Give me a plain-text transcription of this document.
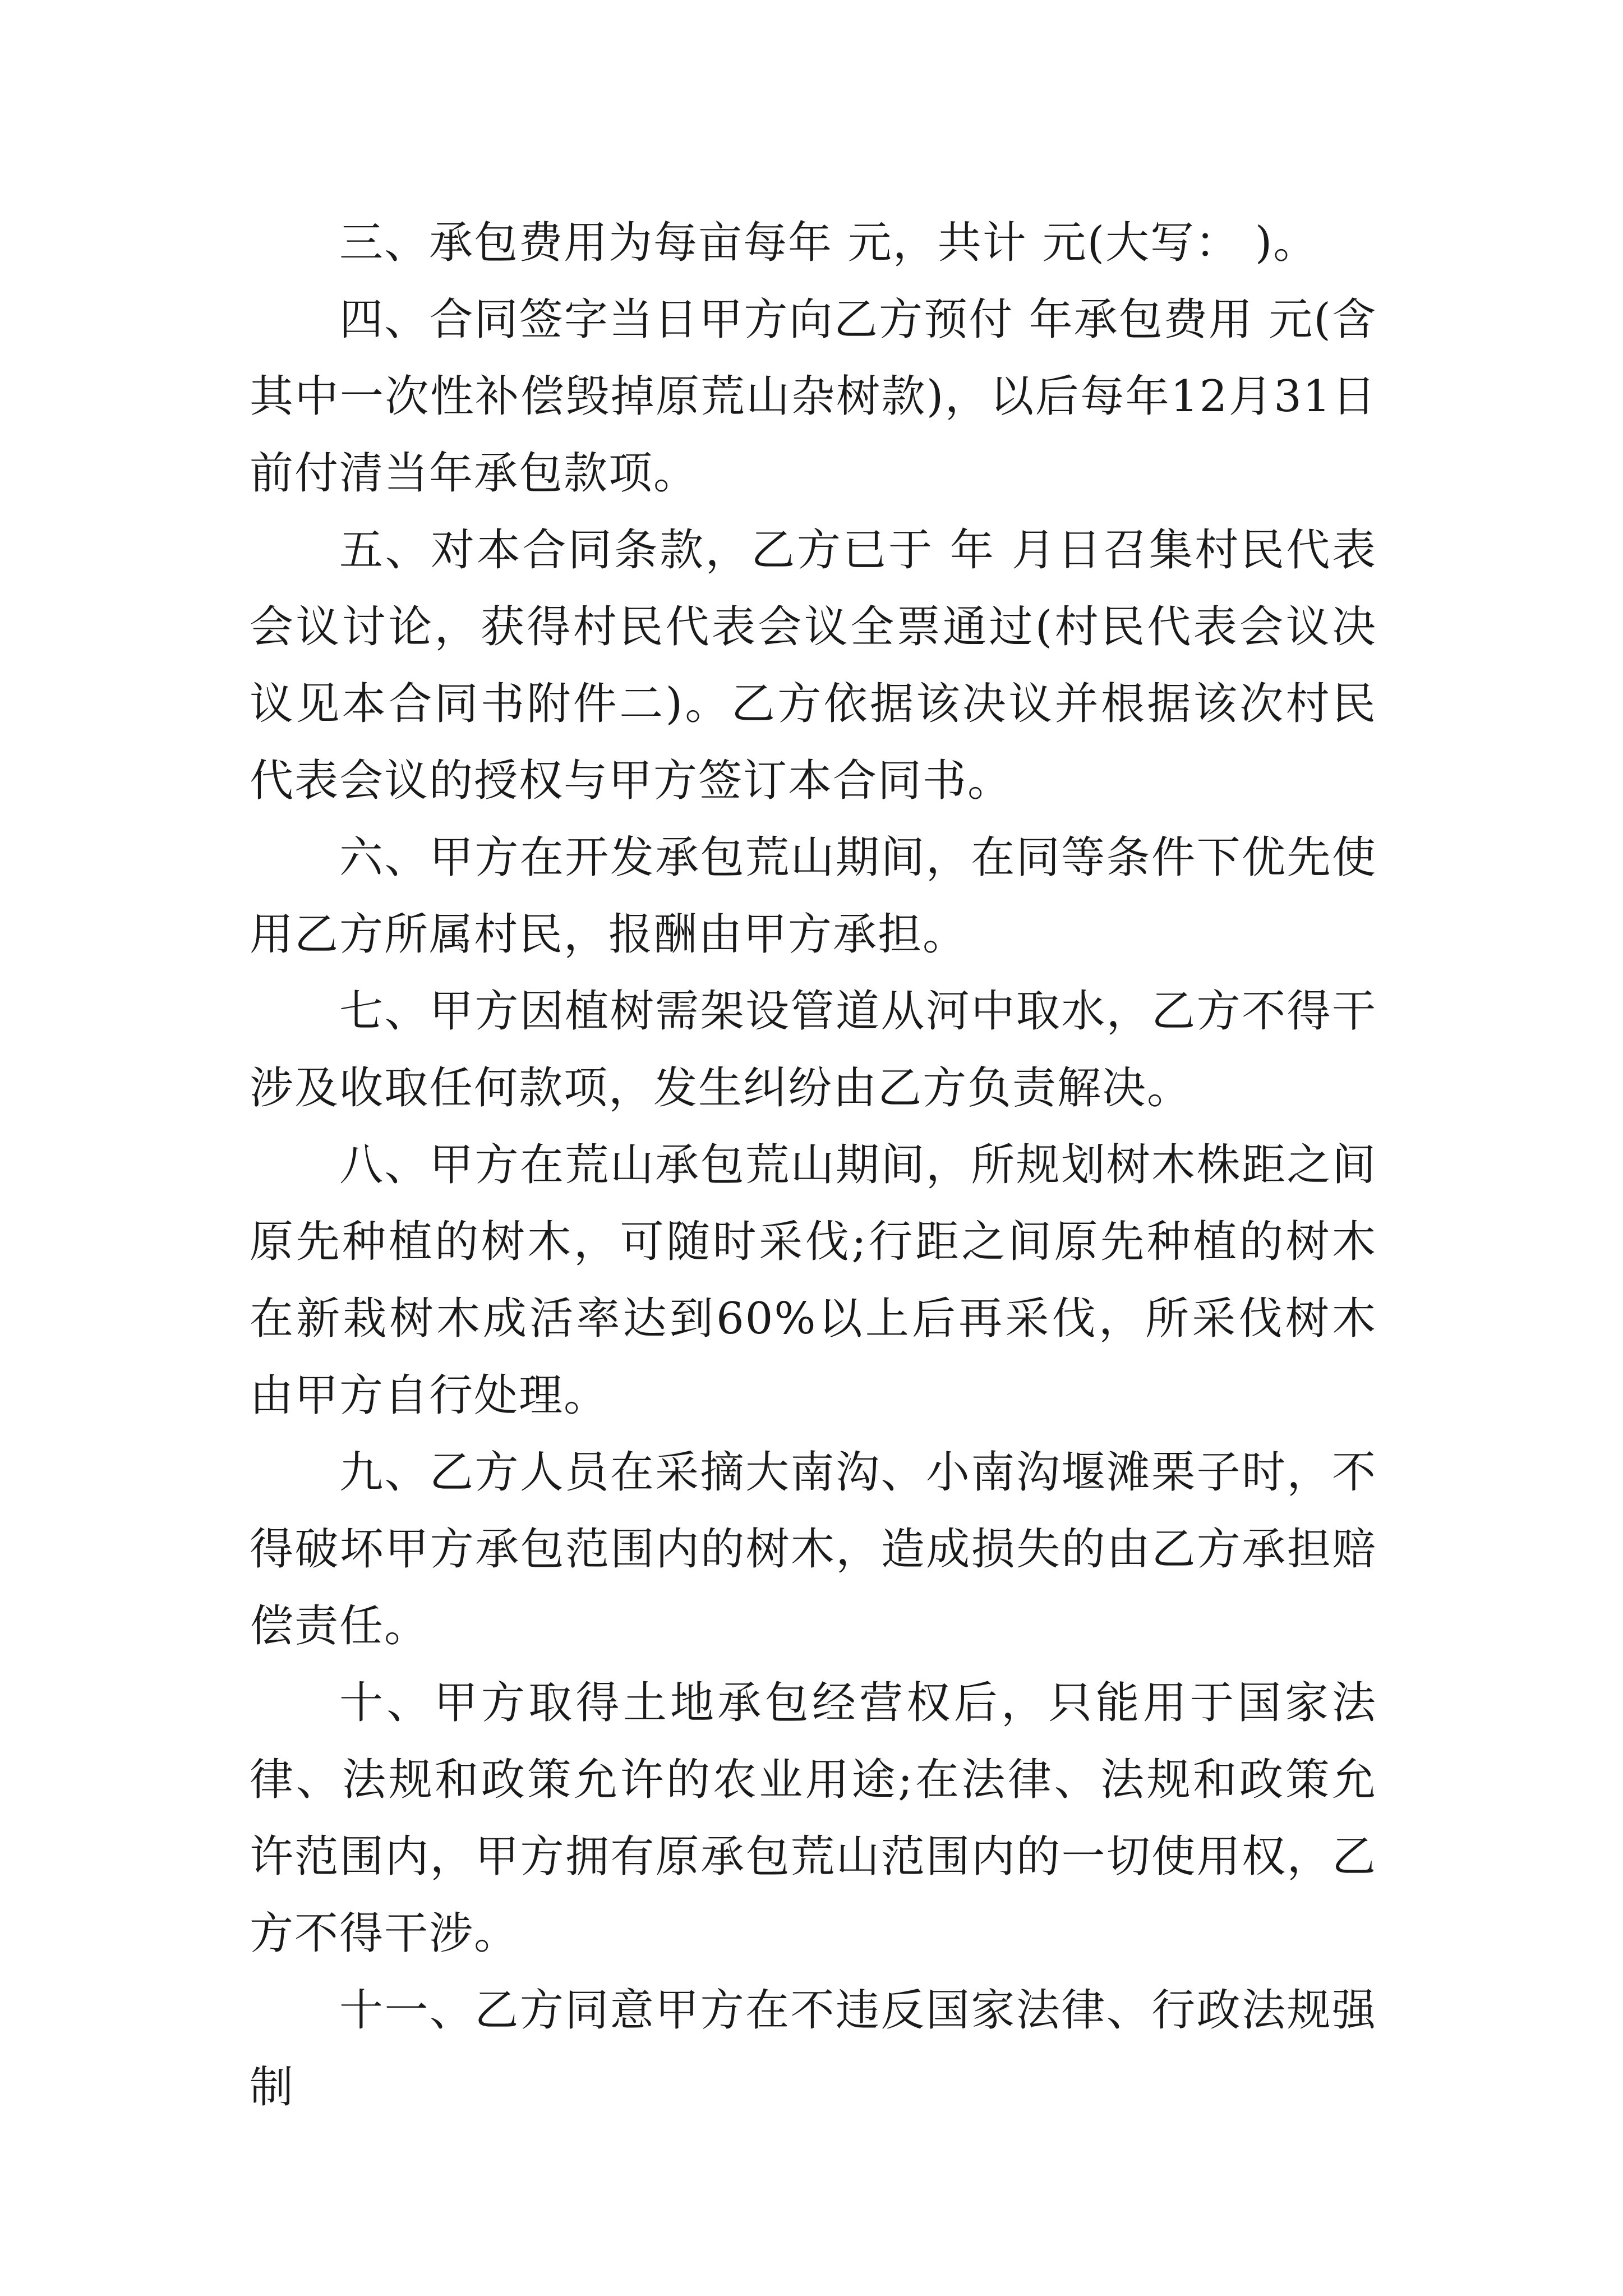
三、承包费用为每亩每年 元，共计 元(大写： )。

四、合同签字当日甲方向乙方预付 年承包费用 元(含其中一次性补偿毁掉原荒山杂树款)，以后每年12月31日前付清当年承包款项。

五、对本合同条款，乙方已于 年 月日召集村民代表会议讨论，获得村民代表会议全票通过(村民代表会议决议见本合同书附件二)。乙方依据该决议并根据该次村民代表会议的授权与甲方签订本合同书。

六、甲方在开发承包荒山期间，在同等条件下优先使用乙方所属村民，报酬由甲方承担。

七、甲方因植树需架设管道从河中取水，乙方不得干涉及收取任何款项，发生纠纷由乙方负责解决。

八、甲方在荒山承包荒山期间，所规划树木株距之间原先种植的树木，可随时采伐;行距之间原先种植的树木在新栽树木成活率达到60%以上后再采伐，所采伐树木由甲方自行处理。

九、乙方人员在采摘大南沟、小南沟堰滩栗子时，不得破坏甲方承包范围内的树木，造成损失的由乙方承担赔偿责任。

十、甲方取得土地承包经营权后，只能用于国家法律、法规和政策允许的农业用途;在法律、法规和政策允许范围内，甲方拥有原承包荒山范围内的一切使用权，乙方不得干涉。

十一、乙方同意甲方在不违反国家法律、行政法规强制
